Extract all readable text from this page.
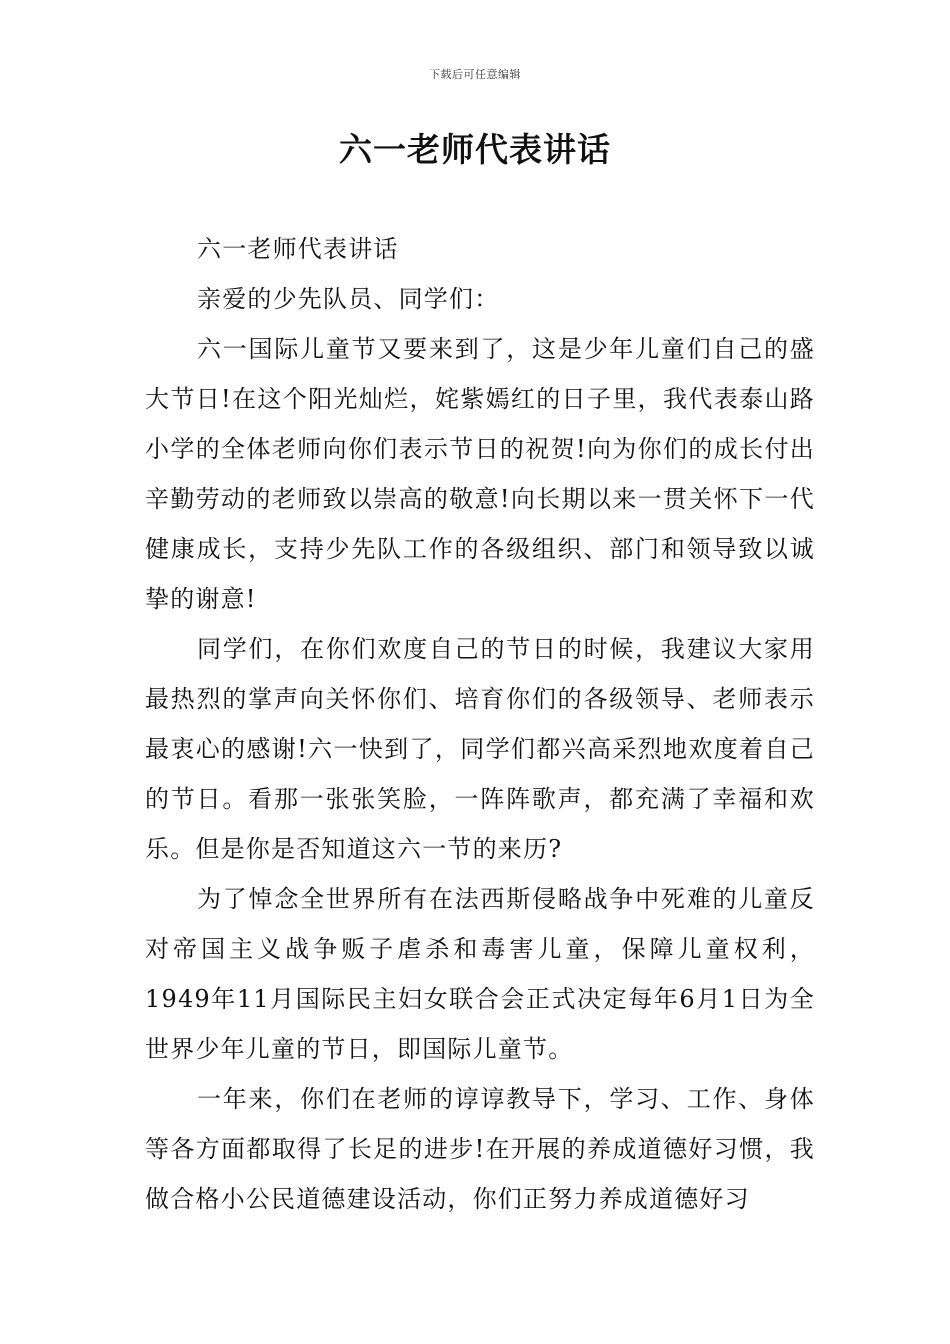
下载后可任意编辑
六一老师代表讲话

六一老师代表讲话

亲爱的少先队员、同学们：

六一国际儿童节又要来到了，这是少年儿童们自己的盛大节日!在这个阳光灿烂，姹紫嫣红的日子里，我代表泰山路小学的全体老师向你们表示节日的祝贺!向为你们的成长付出辛勤劳动的老师致以崇高的敬意!向长期以来一贯关怀下一代健康成长，支持少先队工作的各级组织、部门和领导致以诚挚的谢意!

同学们，在你们欢度自己的节日的时候，我建议大家用最热烈的掌声向关怀你们、培育你们的各级领导、老师表示最衷心的感谢!六一快到了，同学们都兴高采烈地欢度着自己的节日。看那一张张笑脸，一阵阵歌声，都充满了幸福和欢乐。但是你是否知道这六一节的来历?

为了悼念全世界所有在法西斯侵略战争中死难的儿童反对帝国主义战争贩子虐杀和毒害儿童，保障儿童权利，1949年11月国际民主妇女联合会正式决定每年6月1日为全世界少年儿童的节日，即国际儿童节。

一年来，你们在老师的谆谆教导下，学习、工作、身体等各方面都取得了长足的进步!在开展的养成道德好习惯，我做合格小公民道德建设活动，你们正努力养成道德好习
